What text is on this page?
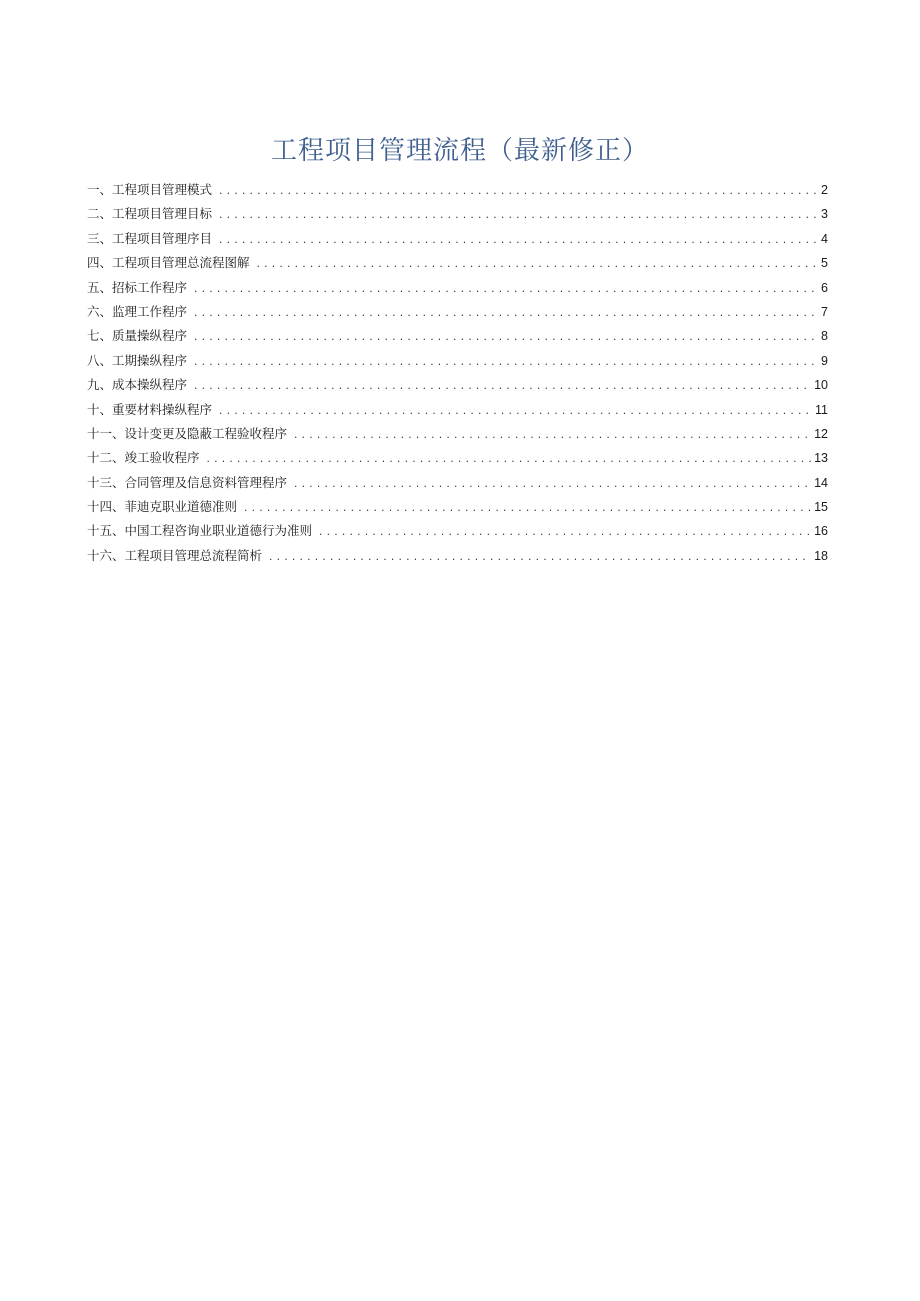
工程项目管理流程（最新修正）
一、工程项目管理模式 .....	2
二、工程项目管理目标 .....	3
三、工程项目管理序目 .....	4
四、工程项目管理总流程图解 .....	5
五、招标工作程序 .....	6
六、监理工作程序 .....	7
七、质量操纵程序 .....	8
八、工期操纵程序 .....	9
九、成本操纵程序 .....	10
十、重要材料操纵程序 .....	11
十一、设计变更及隐蔽工程验收程序 .....	12
十二、竣工验收程序 .....	13
十三、合同管理及信息资料管理程序 .....	14
十四、菲迪克职业道德准则 .....	15
十五、中国工程咨询业职业道德行为准则 .....	16
十六、工程项目管理总流程简析 .....	18
